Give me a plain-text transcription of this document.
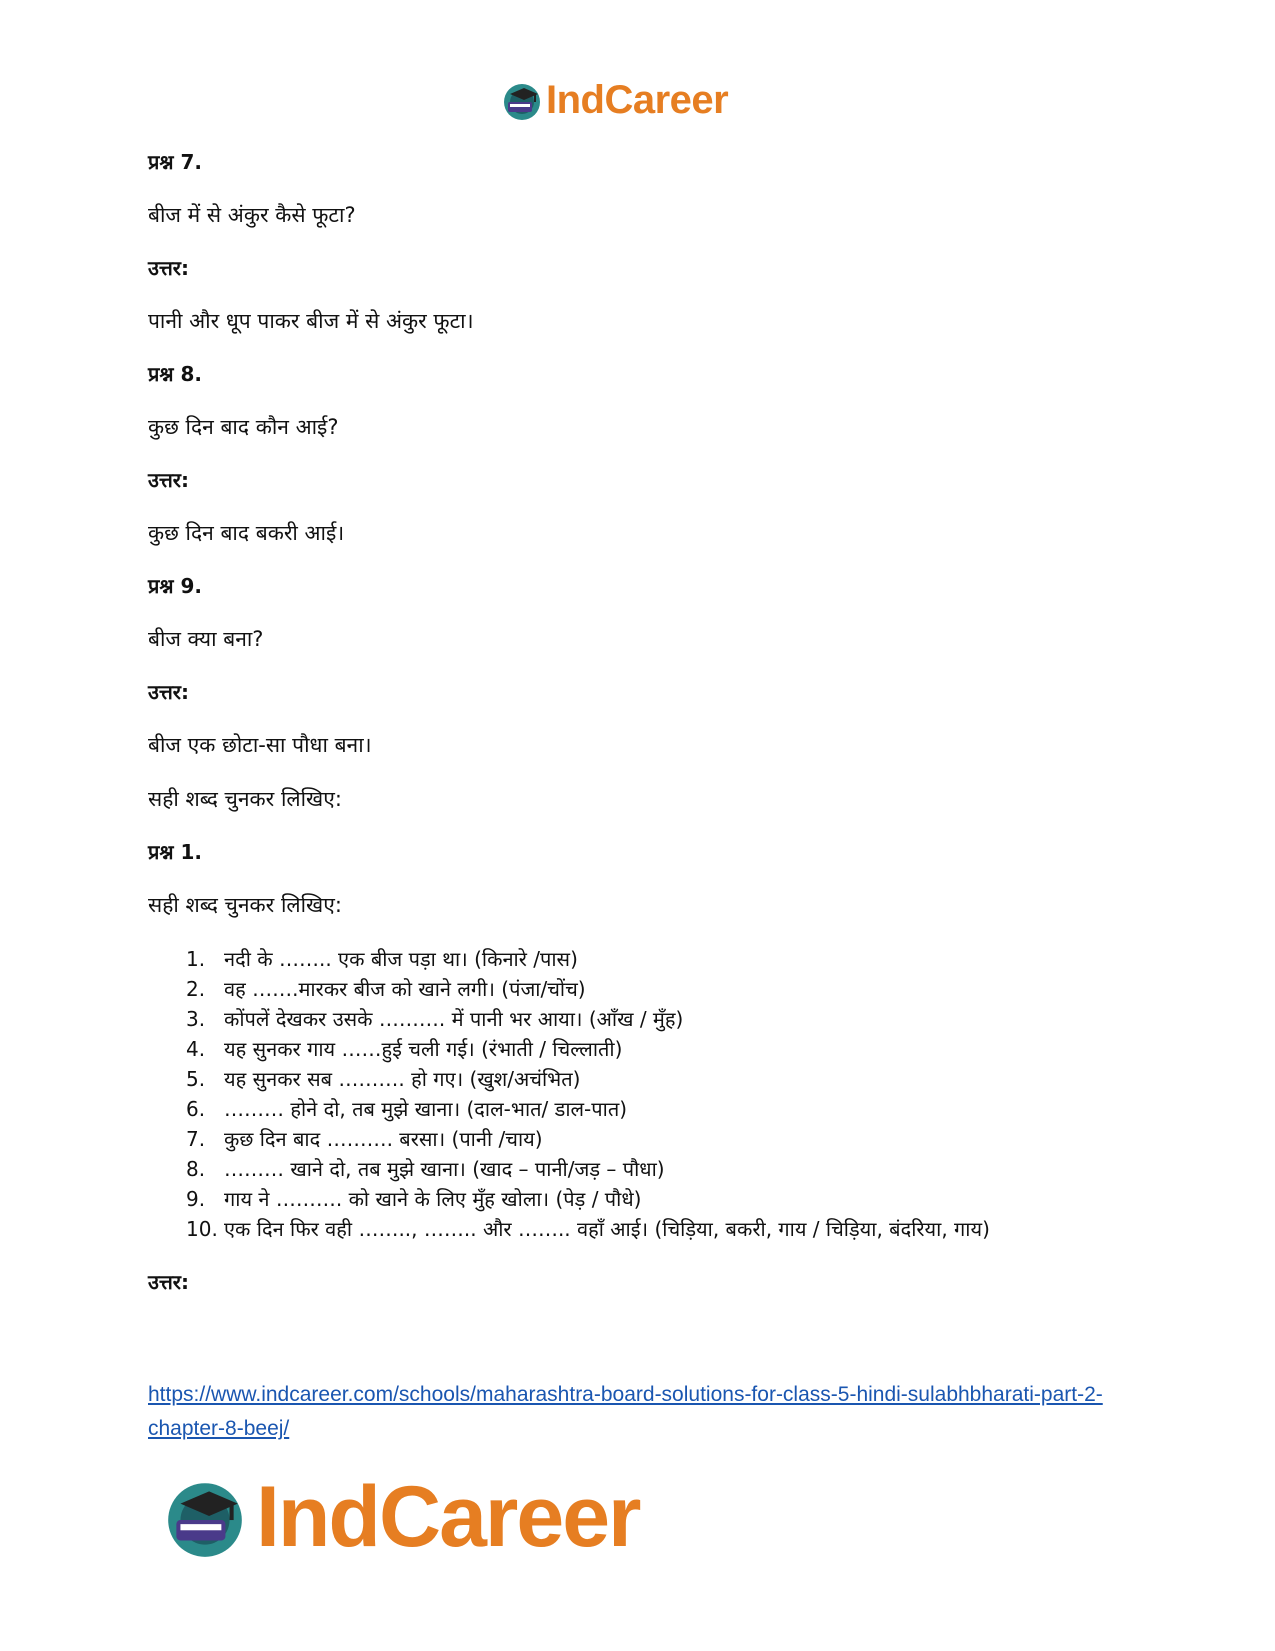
IndCareer

प्रश्न 7.

बीज में से अंकुर कैसे फूटा?

उत्तर:

पानी और धूप पाकर बीज में से अंकुर फूटा।

प्रश्न 8.

कुछ दिन बाद कौन आई?

उत्तर:

कुछ दिन बाद बकरी आई।

प्रश्न 9.

बीज क्या बना?

उत्तर:

बीज एक छोटा-सा पौधा बना।

सही शब्द चुनकर लिखिए:

प्रश्न 1.

सही शब्द चुनकर लिखिए:

1. नदी के …….. एक बीज पड़ा था। (किनारे /पास)
2. वह …….मारकर बीज को खाने लगी। (पंजा/चोंच)
3. कोंपलें देखकर उसके ………. में पानी भर आया। (आँख / मुँह)
4. यह सुनकर गाय ……हुई चली गई। (रंभाती / चिल्लाती)
5. यह सुनकर सब ………. हो गए। (खुश/अचंभित)
6. ……… होने दो, तब मुझे खाना। (दाल-भात/ डाल-पात)
7. कुछ दिन बाद ………. बरसा। (पानी /चाय)
8. ……… खाने दो, तब मुझे खाना। (खाद – पानी/जड़ – पौधा)
9. गाय ने ………. को खाने के लिए मुँह खोला। (पेड़ / पौधे)
10. एक दिन फिर वही …….., …….. और …….. वहाँ आई। (चिड़िया, बकरी, गाय / चिड़िया, बंदरिया, गाय)

उत्तर:

https://www.indcareer.com/schools/maharashtra-board-solutions-for-class-5-hindi-sulabhbharati-part-2-chapter-8-beej/
IndCareer
